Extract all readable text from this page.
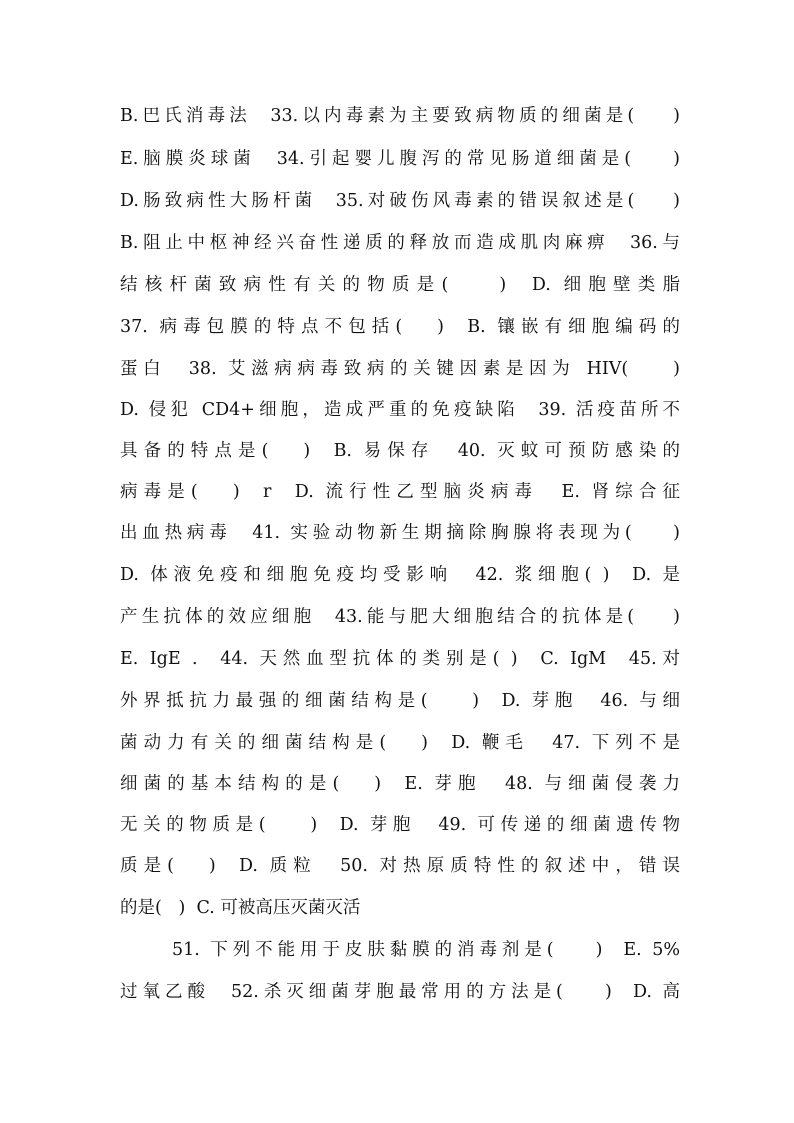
B.巴氏消毒法  33.以内毒素为主要致病物质的细菌是(    )
E.脑膜炎球菌  34.引起婴儿腹泻的常见肠道细菌是(    )
D.肠致病性大肠杆菌  35.对破伤风毒素的错误叙述是(    )
B.阻止中枢神经兴奋性递质的释放而造成肌肉麻痹  36.与
结核杆菌致病性有关的物质是(    )  D. 细胞壁类脂
37. 病毒包膜的特点不包括(   )  B. 镶嵌有细胞编码的
蛋白  38. 艾滋病病毒致病的关键因素是因为 HIV(    )
D. 侵犯 CD4+细胞，造成严重的免疫缺陷  39. 活疫苗所不
具备的特点是(   )  B. 易保存  40. 灭蚊可预防感染的
病毒是(   )  r  D. 流行性乙型脑炎病毒  E. 肾综合征
出血热病毒  41. 实验动物新生期摘除胸腺将表现为(    )
D. 体液免疫和细胞免疫均受影响  42. 浆细胞( )  D. 是
产生抗体的效应细胞  43.能与肥大细胞结合的抗体是(    )
E. IgE .  44. 天然血型抗体的类别是( )  C. IgM  45.对
外界抵抗力最强的细菌结构是(    )  D. 芽胞  46. 与细
菌动力有关的细菌结构是(   )  D. 鞭毛  47. 下列不是
细菌的基本结构的是(   )  E. 芽胞  48. 与细菌侵袭力
无关的物质是(    )  D. 芽胞  49. 可传递的细菌遗传物
质是(   )  D. 质粒  50. 对热原质特性的叙述中，错误
的是(   )  C. 可被高压灭菌灭活
51. 下列不能用于皮肤黏膜的消毒剂是(    )  E. 5%
过氧乙酸  52.杀灭细菌芽胞最常用的方法是(    )  D. 高
